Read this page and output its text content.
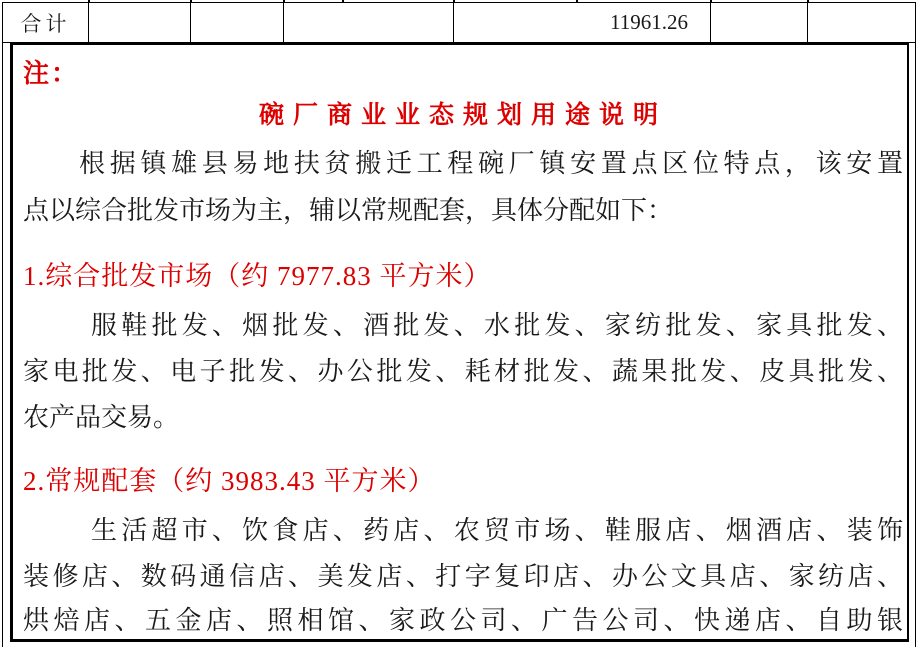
合计	11961.26
注：
碗厂商业业态规划用途说明
根据镇雄县易地扶贫搬迁工程碗厂镇安置点区位特点，该安置
点以综合批发市场为主，辅以常规配套，具体分配如下：
1.综合批发市场（约 7977.83 平方米）
服鞋批发、烟批发、酒批发、水批发、家纺批发、家具批发、
家电批发、电子批发、办公批发、耗材批发、蔬果批发、皮具批发、
农产品交易。
2.常规配套（约 3983.43 平方米）
生活超市、饮食店、药店、农贸市场、鞋服店、烟酒店、装饰
装修店、数码通信店、美发店、打字复印店、办公文具店、家纺店、
烘焙店、五金店、照相馆、家政公司、广告公司、快递店、自助银
